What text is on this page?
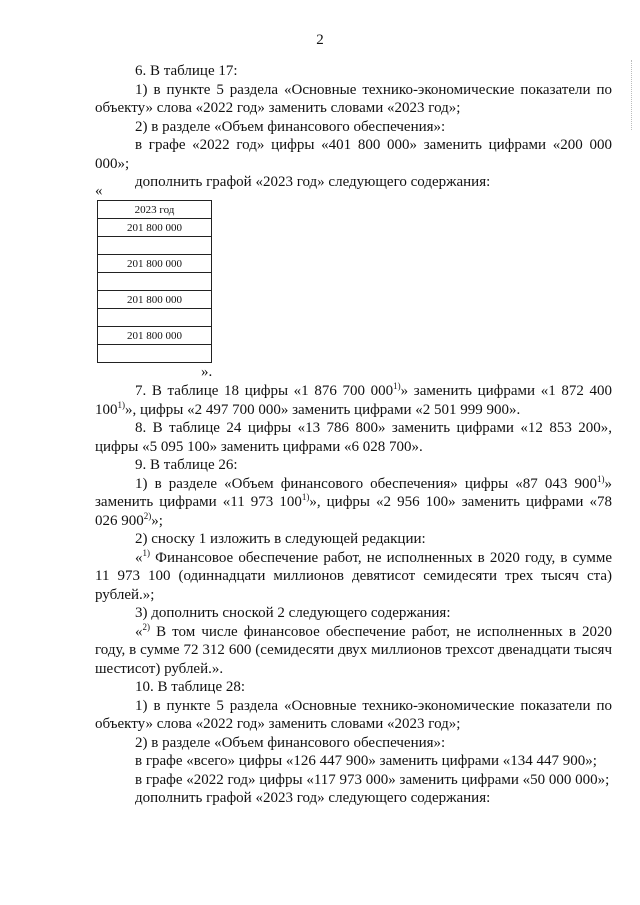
2

6. В таблице 17:

1) в пункте 5 раздела «Основные технико-экономические показатели по объекту» слова «2022 год» заменить словами «2023 год»;

2) в разделе «Объем финансового обеспечения»:

в графе «2022 год» цифры «401 800 000» заменить цифрами «200 000 000»;

дополнить графой «2023 год» следующего содержания:

«
2023 год
201 800 000

201 800 000

201 800 000

201 800 000

».

7. В таблице 18 цифры «1 876 700 000$^{1)}$» заменить цифрами «1 872 400 100$^{1)}$», цифры «2 497 700 000» заменить цифрами «2 501 999 900».

8. В таблице 24 цифры «13 786 800» заменить цифрами «12 853 200», цифры «5 095 100» заменить цифрами «6 028 700».

9. В таблице 26:

1) в разделе «Объем финансового обеспечения» цифры «87 043 900$^{1)}$» заменить цифрами «11 973 100$^{1)}$», цифры «2 956 100» заменить цифрами «78 026 900$^{2)}$»;

2) сноску 1 изложить в следующей редакции:

«$^{1)}$ Финансовое обеспечение работ, не исполненных в 2020 году, в сумме 11 973 100 (одиннадцати миллионов девятисот семидесяти трех тысяч ста) рублей.»;

3) дополнить сноской 2 следующего содержания:

«$^{2)}$ В том числе финансовое обеспечение работ, не исполненных в 2020 году, в сумме 72 312 600 (семидесяти двух миллионов трехсот двенадцати тысяч шестисот) рублей.».

10. В таблице 28:

1) в пункте 5 раздела «Основные технико-экономические показатели по объекту» слова «2022 год» заменить словами «2023 год»;

2) в разделе «Объем финансового обеспечения»:

в графе «всего» цифры «126 447 900» заменить цифрами «134 447 900»;

в графе «2022 год» цифры «117 973 000» заменить цифрами «50 000 000»;

дополнить графой «2023 год» следующего содержания:
